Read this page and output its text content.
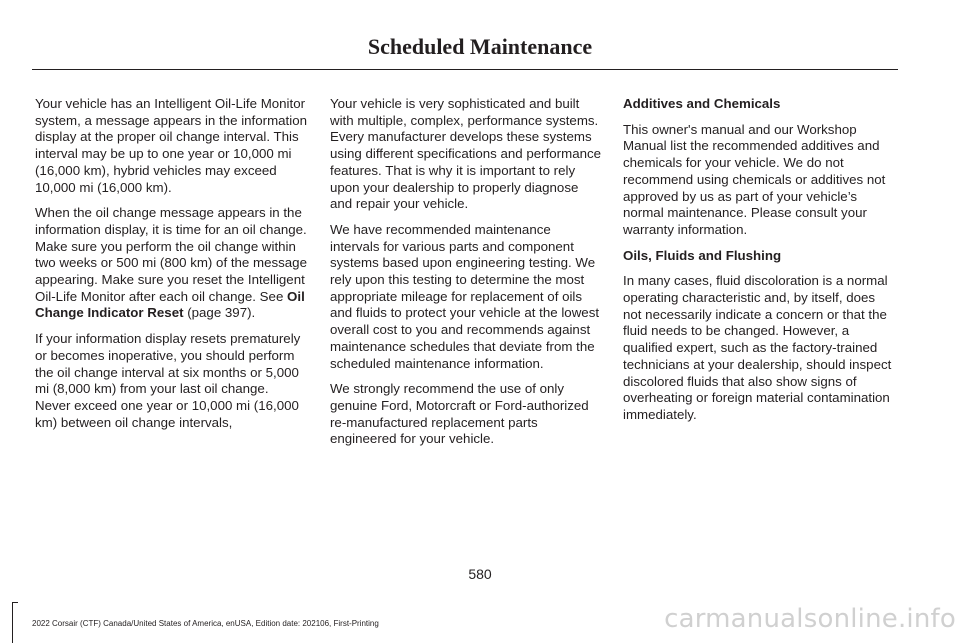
Scheduled Maintenance

Your vehicle has an Intelligent Oil-Life Monitor system, a message appears in the information display at the proper oil change interval. This interval may be up to one year or 10,000 mi (16,000 km), hybrid vehicles may exceed 10,000 mi (16,000 km).

When the oil change message appears in the information display, it is time for an oil change. Make sure you perform the oil change within two weeks or 500 mi (800 km) of the message appearing. Make sure you reset the Intelligent Oil-Life Monitor after each oil change. See Oil Change Indicator Reset (page 397).

If your information display resets prematurely or becomes inoperative, you should perform the oil change interval at six months or 5,000 mi (8,000 km) from your last oil change. Never exceed one year or 10,000 mi (16,000 km) between oil change intervals,

Your vehicle is very sophisticated and built with multiple, complex, performance systems. Every manufacturer develops these systems using different specifications and performance features. That is why it is important to rely upon your dealership to properly diagnose and repair your vehicle.

We have recommended maintenance intervals for various parts and component systems based upon engineering testing. We rely upon this testing to determine the most appropriate mileage for replacement of oils and fluids to protect your vehicle at the lowest overall cost to you and recommends against maintenance schedules that deviate from the scheduled maintenance information.

We strongly recommend the use of only genuine Ford, Motorcraft or Ford-authorized re-manufactured replacement parts engineered for your vehicle.

Additives and Chemicals

This owner's manual and our Workshop Manual list the recommended additives and chemicals for your vehicle. We do not recommend using chemicals or additives not approved by us as part of your vehicle’s normal maintenance. Please consult your warranty information.

Oils, Fluids and Flushing

In many cases, fluid discoloration is a normal operating characteristic and, by itself, does not necessarily indicate a concern or that the fluid needs to be changed. However, a qualified expert, such as the factory-trained technicians at your dealership, should inspect discolored fluids that also show signs of overheating or foreign material contamination immediately.

580
2022 Corsair (CTF) Canada/United States of America, enUSA, Edition date: 202106, First-Printing	carmanualsonline.info
